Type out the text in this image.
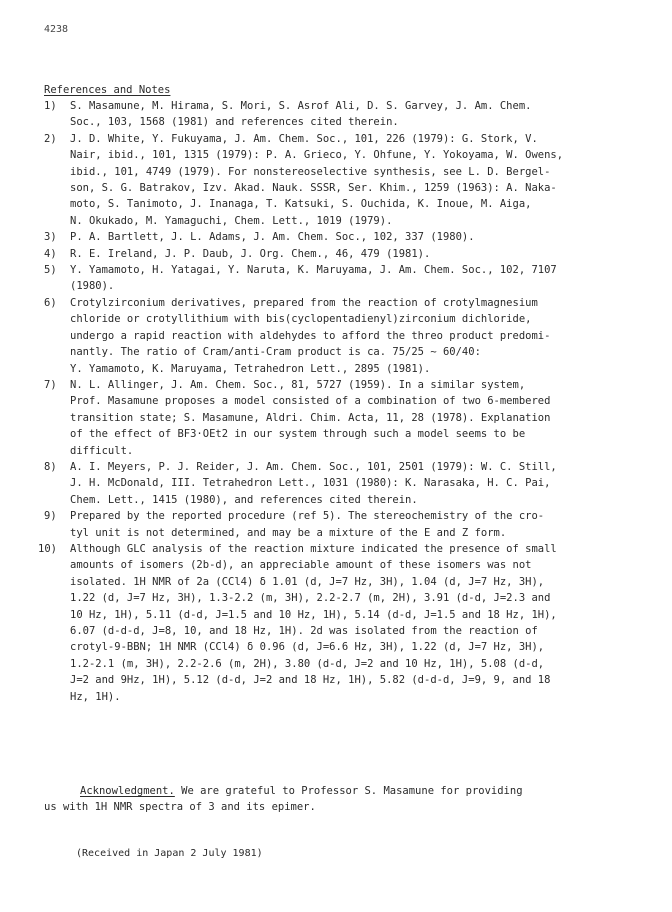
4238
References and Notes
1) S. Masamune, M. Hirama, S. Mori, S. Asrof Ali, D. S. Garvey, J. Am. Chem.
Soc., 103, 1568 (1981) and references cited therein.
2) J. D. White, Y. Fukuyama, J. Am. Chem. Soc., 101, 226 (1979): G. Stork, V.
Nair, ibid., 101, 1315 (1979): P. A. Grieco, Y. Ohfune, Y. Yokoyama, W. Owens,
ibid., 101, 4749 (1979). For nonstereoselective synthesis, see L. D. Bergel-
son, S. G. Batrakov, Izv. Akad. Nauk. SSSR, Ser. Khim., 1259 (1963): A. Naka-
moto, S. Tanimoto, J. Inanaga, T. Katsuki, S. Ouchida, K. Inoue, M. Aiga,
N. Okukado, M. Yamaguchi, Chem. Lett., 1019 (1979).
3) P. A. Bartlett, J. L. Adams, J. Am. Chem. Soc., 102, 337 (1980).
4) R. E. Ireland, J. P. Daub, J. Org. Chem., 46, 479 (1981).
5) Y. Yamamoto, H. Yatagai, Y. Naruta, K. Maruyama, J. Am. Chem. Soc., 102, 7107
(1980).
6) Crotylzirconium derivatives, prepared from the reaction of crotylmagnesium
chloride or crotyllithium with bis(cyclopentadienyl)zirconium dichloride,
undergo a rapid reaction with aldehydes to afford the threo product predomi-
nantly. The ratio of Cram/anti-Cram product is ca. 75/25 ~ 60/40:
Y. Yamamoto, K. Maruyama, Tetrahedron Lett., 2895 (1981).
7) N. L. Allinger, J. Am. Chem. Soc., 81, 5727 (1959). In a similar system,
Prof. Masamune proposes a model consisted of a combination of two 6-membered
transition state; S. Masamune, Aldri. Chim. Acta, 11, 28 (1978). Explanation
of the effect of BF3·OEt2 in our system through such a model seems to be
difficult.
8) A. I. Meyers, P. J. Reider, J. Am. Chem. Soc., 101, 2501 (1979): W. C. Still,
J. H. McDonald, III. Tetrahedron Lett., 1031 (1980): K. Narasaka, H. C. Pai,
Chem. Lett., 1415 (1980), and references cited therein.
9) Prepared by the reported procedure (ref 5). The stereochemistry of the cro-
tyl unit is not determined, and may be a mixture of the E and Z form.
10) Although GLC analysis of the reaction mixture indicated the presence of small
amounts of isomers (2b-d), an appreciable amount of these isomers was not
isolated. 1H NMR of 2a (CCl4) δ 1.01 (d, J=7 Hz, 3H), 1.04 (d, J=7 Hz, 3H),
1.22 (d, J=7 Hz, 3H), 1.3-2.2 (m, 3H), 2.2-2.7 (m, 2H), 3.91 (d-d, J=2.3 and
10 Hz, 1H), 5.11 (d-d, J=1.5 and 10 Hz, 1H), 5.14 (d-d, J=1.5 and 18 Hz, 1H),
6.07 (d-d-d, J=8, 10, and 18 Hz, 1H). 2d was isolated from the reaction of
crotyl-9-BBN; 1H NMR (CCl4) δ 0.96 (d, J=6.6 Hz, 3H), 1.22 (d, J=7 Hz, 3H),
1.2-2.1 (m, 3H), 2.2-2.6 (m, 2H), 3.80 (d-d, J=2 and 10 Hz, 1H), 5.08 (d-d,
J=2 and 9Hz, 1H), 5.12 (d-d, J=2 and 18 Hz, 1H), 5.82 (d-d-d, J=9, 9, and 18
Hz, 1H).
Acknowledgment. We are grateful to Professor S. Masamune for providing
us with 1H NMR spectra of 3 and its epimer.
(Received in Japan 2 July 1981)
